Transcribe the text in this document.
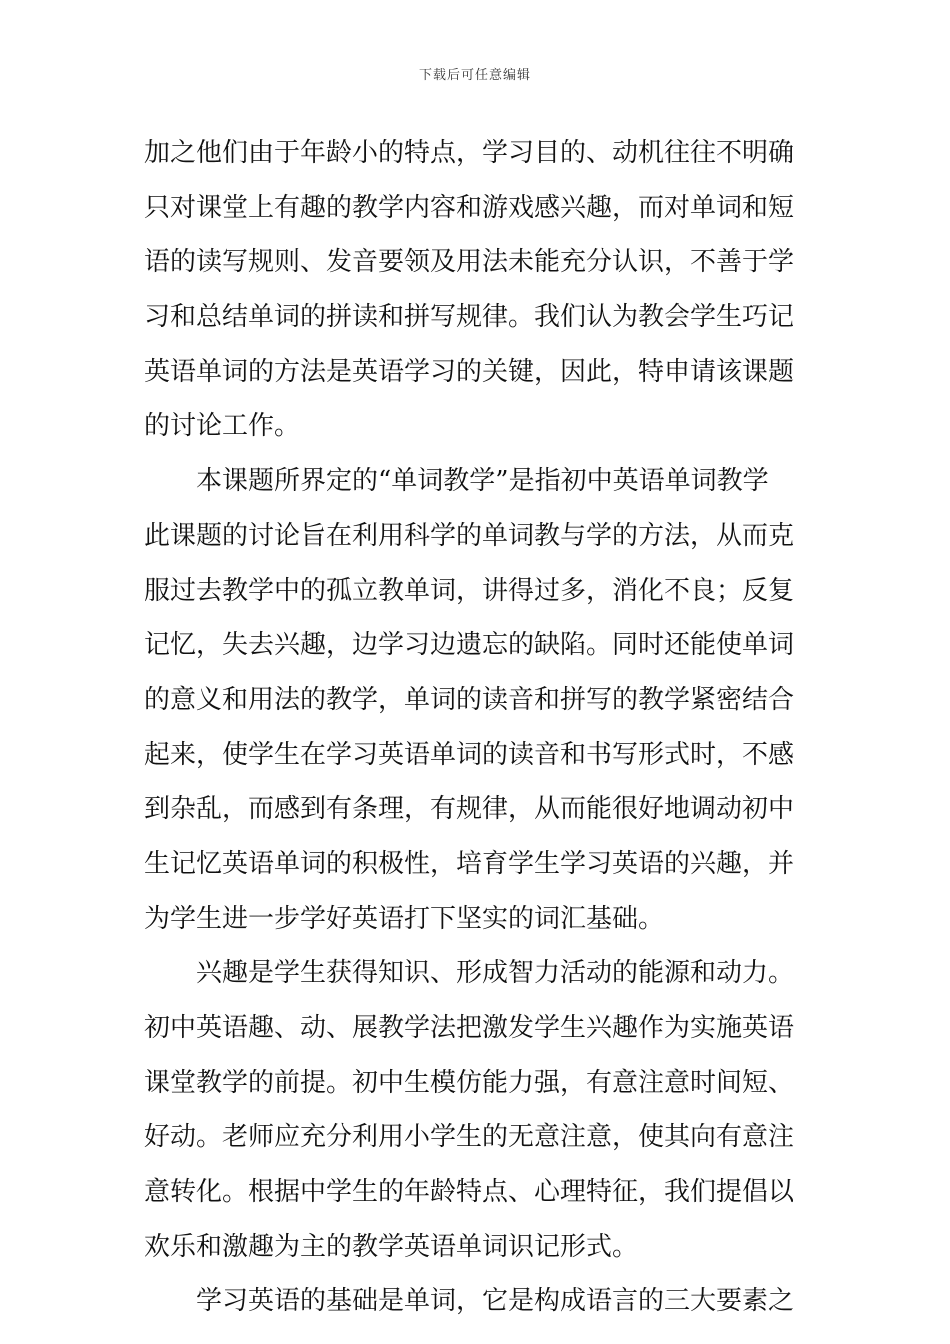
下载后可任意编辑
加之他们由于年龄小的特点，学习目的、动机往往不明确
只对课堂上有趣的教学内容和游戏感兴趣，而对单词和短
语的读写规则、发音要领及用法未能充分认识，不善于学
习和总结单词的拼读和拼写规律。我们认为教会学生巧记
英语单词的方法是英语学习的关键，因此，特申请该课题
的讨论工作。
本课题所界定的“单词教学”是指初中英语单词教学
此课题的讨论旨在利用科学的单词教与学的方法，从而克
服过去教学中的孤立教单词，讲得过多，消化不良；反复
记忆，失去兴趣，边学习边遗忘的缺陷。同时还能使单词
的意义和用法的教学，单词的读音和拼写的教学紧密结合
起来，使学生在学习英语单词的读音和书写形式时，不感
到杂乱，而感到有条理，有规律，从而能很好地调动初中
生记忆英语单词的积极性，培育学生学习英语的兴趣，并
为学生进一步学好英语打下坚实的词汇基础。
兴趣是学生获得知识、形成智力活动的能源和动力。
初中英语趣、动、展教学法把激发学生兴趣作为实施英语
课堂教学的前提。初中生模仿能力强，有意注意时间短、
好动。老师应充分利用小学生的无意注意，使其向有意注
意转化。根据中学生的年龄特点、心理特征，我们提倡以
欢乐和激趣为主的教学英语单词识记形式。
学习英语的基础是单词，它是构成语言的三大要素之
